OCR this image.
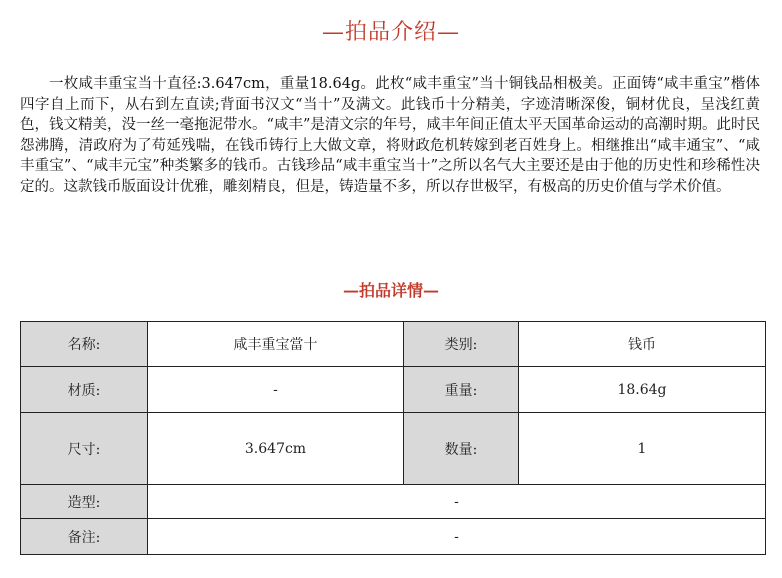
—拍品介绍—

一枚咸丰重宝当十直径:3.647cm，重量18.64g。此枚“咸丰重宝”当十铜钱品相极美。正面铸“咸丰重宝”楷体四字自上而下，从右到左直读;背面书汉文“当十”及满文。此钱币十分精美，字迹清晰深俊，铜材优良，呈浅红黄色，钱文精美，没一丝一毫拖泥带水。“咸丰”是清文宗的年号，咸丰年间正值太平天国革命运动的高潮时期。此时民怨沸腾，清政府为了苟延残喘，在钱币铸行上大做文章，将财政危机转嫁到老百姓身上。相继推出“咸丰通宝”、“咸丰重宝”、“咸丰元宝”种类繁多的钱币。古钱珍品“咸丰重宝当十”之所以名气大主要还是由于他的历史性和珍稀性决定的。这款钱币版面设计优雅，雕刻精良，但是，铸造量不多，所以存世极罕，有极高的历史价值与学术价值。

—拍品详情—
名称:	咸丰重宝當十	类别:	钱币
材质:	-	重量:	18.64g
尺寸:	3.647cm	数量:	1
造型:	-		
备注:	-		
